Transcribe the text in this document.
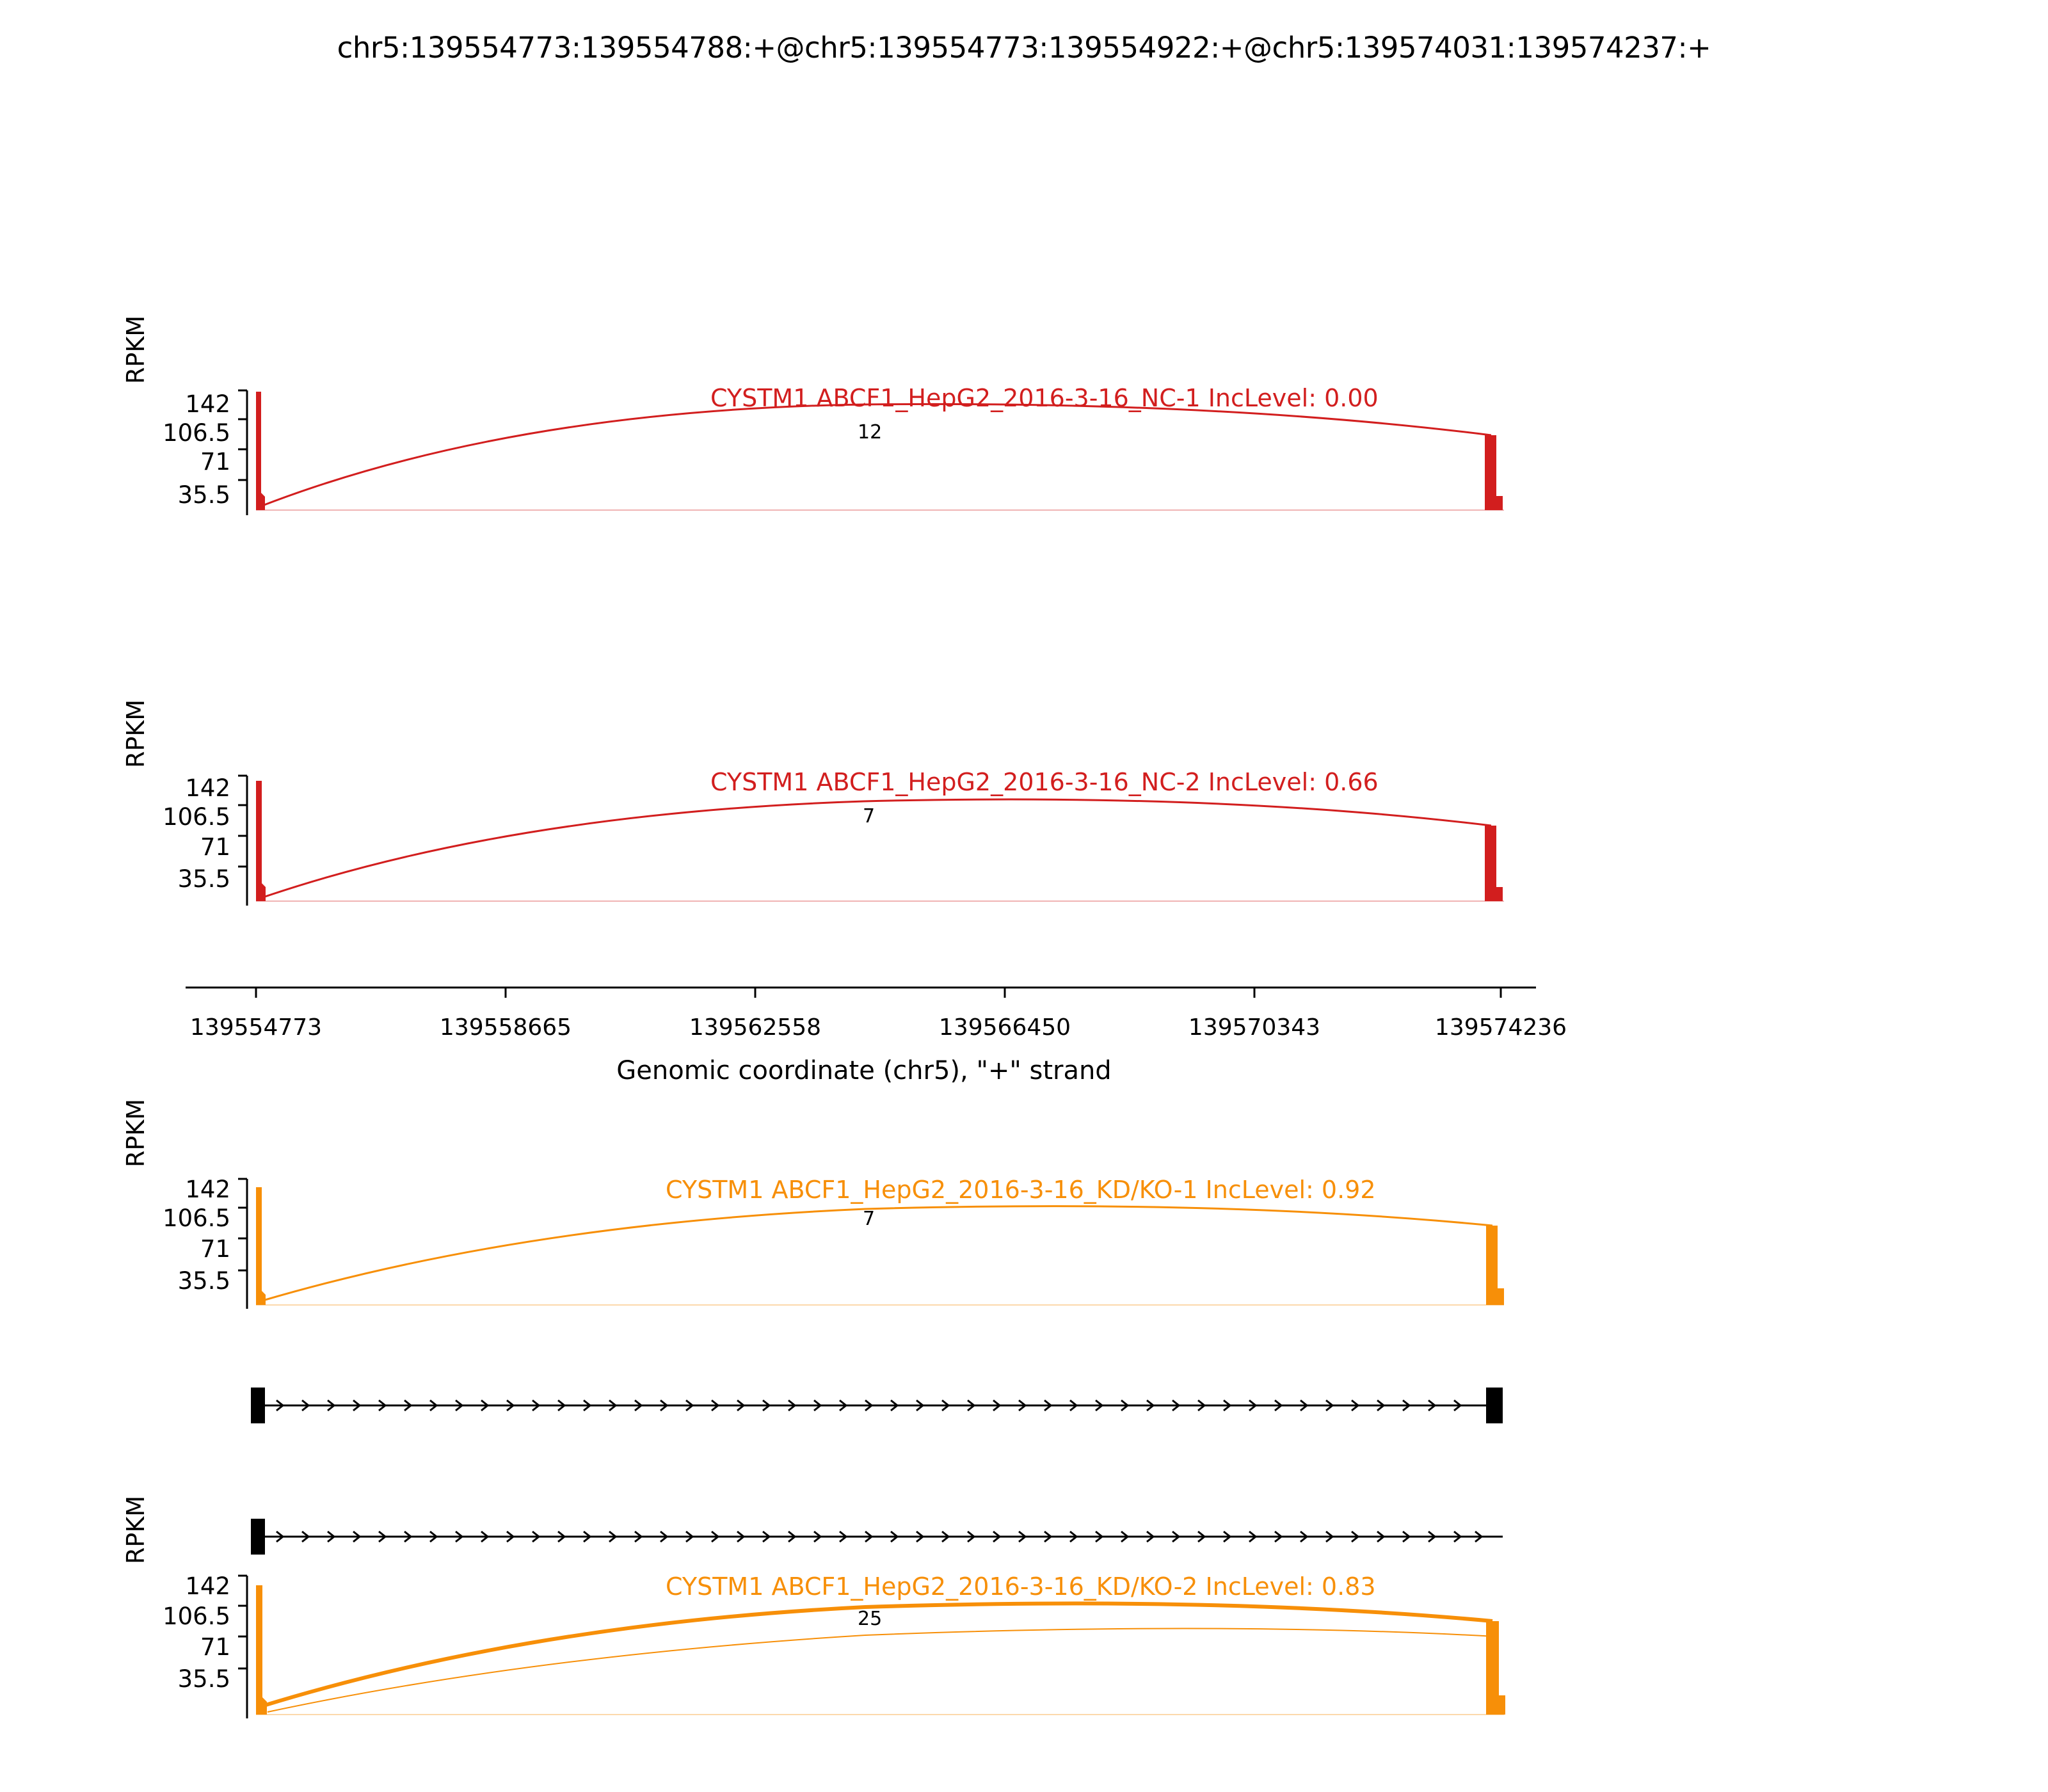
chr5:139554773:139554788:+@chr5:139554773:139554922:+@chr5:139574031:139574237:+
RPKM
142
106.5
71
35.5
CYSTM1 ABCF1_HepG2_2016-3-16_NC-1 IncLevel: 0.00
12
RPKM
142
106.5
71
35.5
CYSTM1 ABCF1_HepG2_2016-3-16_NC-2 IncLevel: 0.66
7
RPKM
142
106.5
71
35.5
CYSTM1 ABCF1_HepG2_2016-3-16_KD/KO-1 IncLevel: 0.92
7
RPKM
142
106.5
71
35.5
CYSTM1 ABCF1_HepG2_2016-3-16_KD/KO-2 IncLevel: 0.83
25
139554773	139558665	139562558	139566450	139570343	139574236
Genomic coordinate (chr5), "+" strand
